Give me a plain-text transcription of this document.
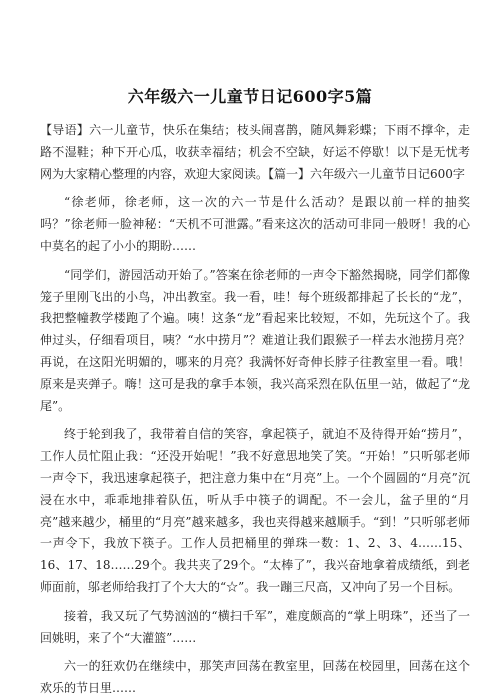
六年级六一儿童节日记600字5篇

【导语】六一儿童节，快乐在集结；枝头闹喜鹊，随风舞彩蝶；下雨不撑伞，走路不湿鞋；种下开心瓜，收获幸福结；机会不空缺，好运不停歇！以下是无忧考网为大家精心整理的内容，欢迎大家阅读。【篇一】六年级六一儿童节日记600字

“徐老师，徐老师，这一次的六一节是什么活动？是跟以前一样的抽奖吗？”徐老师一脸神秘：“天机不可泄露。”看来这次的活动可非同一般呀！我的心中莫名的起了小小的期盼……

“同学们，游园活动开始了。”答案在徐老师的一声令下豁然揭晓，同学们都像笼子里刚飞出的小鸟，冲出教室。我一看，哇！每个班级都排起了长长的“龙”，我把整幢教学楼跑了个遍。咦！这条“龙”看起来比较短，不如，先玩这个了。我伸过头，仔细看项目，咦？“水中捞月”？难道让我们跟猴子一样去水池捞月亮？再说，在这阳光明媚的，哪来的月亮？我满怀好奇伸长脖子往教室里一看。哦！原来是夹弹子。嗨！这可是我的拿手本领，我兴高采烈在队伍里一站，做起了“龙尾”。

终于轮到我了，我带着自信的笑容，拿起筷子，就迫不及待得开始“捞月”，工作人员忙阻止我：“还没开始呢！”我不好意思地笑了笑。“开始！”只听邬老师一声令下，我迅速拿起筷子，把注意力集中在“月亮”上。一个个圆圆的“月亮”沉浸在水中，乖乖地排着队伍，听从手中筷子的调配。不一会儿，盆子里的“月亮”越来越少，桶里的“月亮”越来越多，我也夹得越来越顺手。“到！”只听邬老师一声令下，我放下筷子。工作人员把桶里的弹珠一数：1、2、3、4……15、16、17、18……29个。我共夹了29个。“太棒了”，我兴奋地拿着成绩纸，到老师面前，邬老师给我打了个大大的“☆”。我一蹦三尺高，又冲向了另一个目标。

接着，我又玩了气势汹汹的“横扫千军”，难度颇高的“掌上明珠”，还当了一回姚明，来了个“大灌篮”……

六一的狂欢仍在继续中，那笑声回荡在教室里，回荡在校园里，回荡在这个欢乐的节日里……
